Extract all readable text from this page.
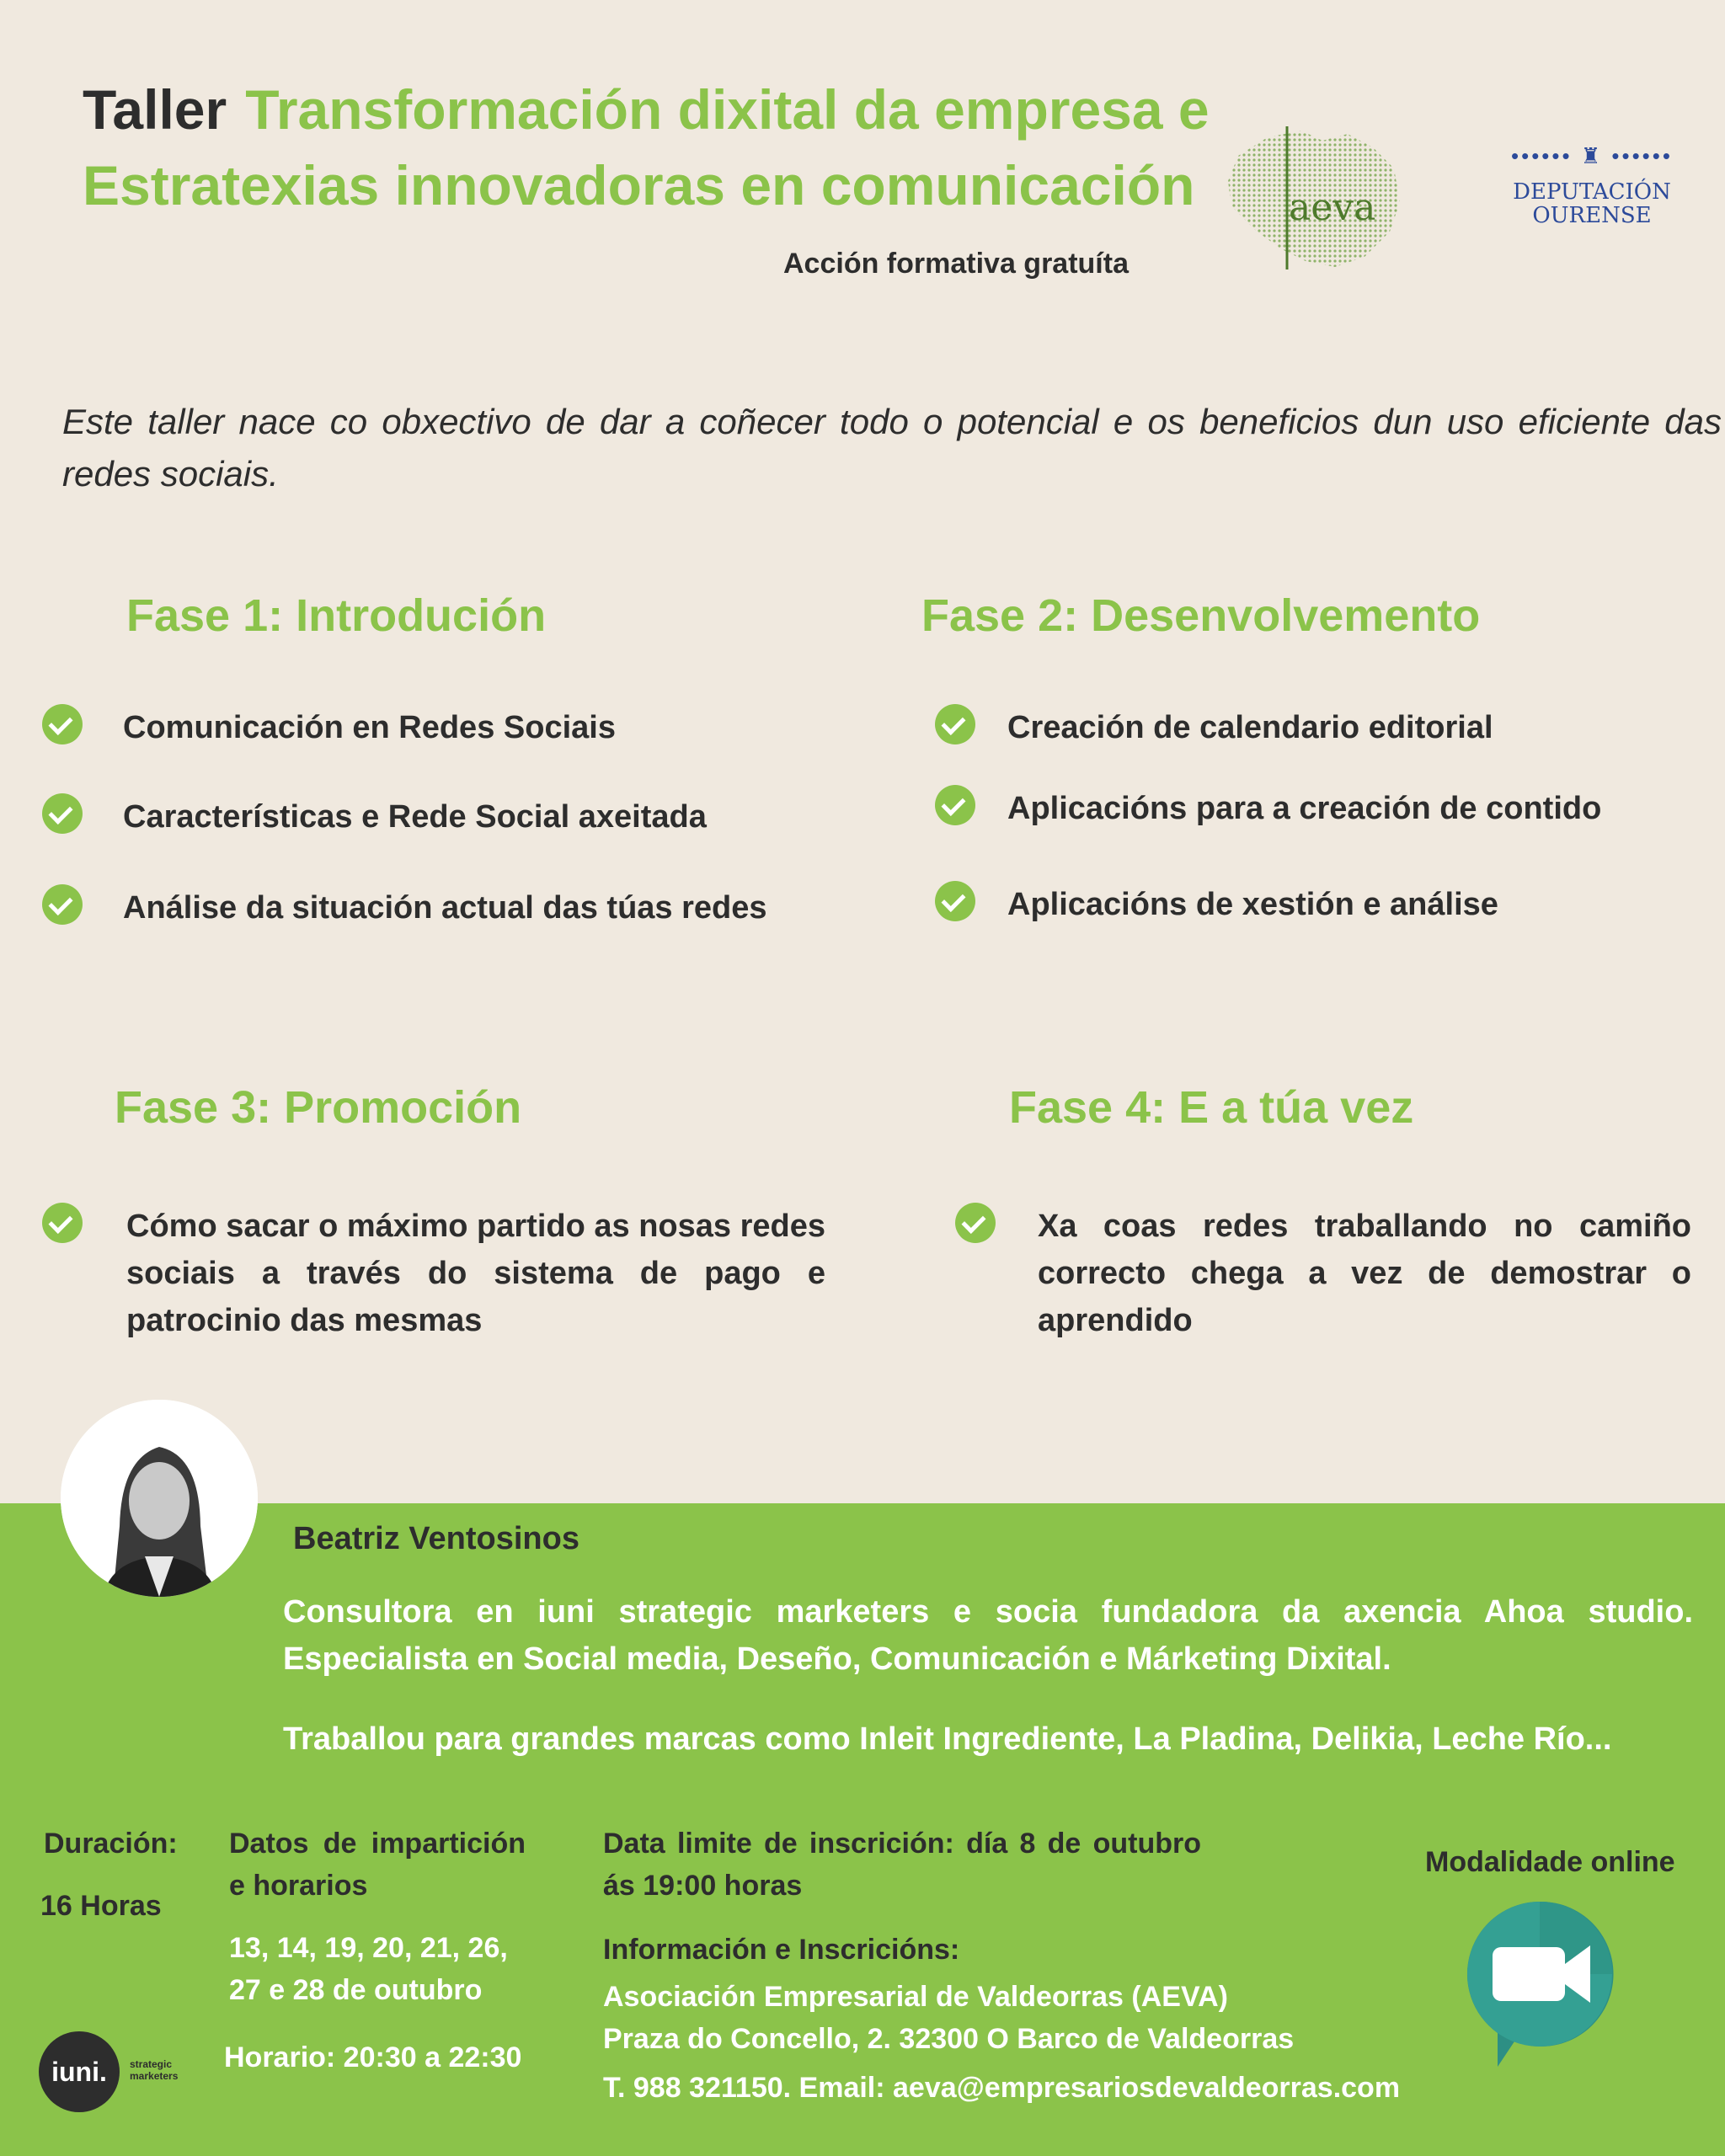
Taller Transformación dixital da empresa e
Estratexias innovadoras en comunicación
Acción formativa gratuíta
aeva
•••••• ♜ ••••••
DEPUTACIÓN
OURENSE
Este taller nace co obxectivo de dar a coñecer todo o potencial e os beneficios dun uso eficiente das redes sociais.
Fase 1: Introdución
Comunicación en Redes Sociais
Características e Rede Social axeitada
Análise da situación actual das túas redes
Fase 2: Desenvolvemento
Creación de calendario editorial
Aplicacións para a creación de contido
Aplicacións de xestión e análise
Fase 3: Promoción
Cómo sacar o máximo partido as nosas redes sociais a través do sistema de pago e patrocinio das mesmas
Fase 4: E a túa vez
Xa coas redes traballando no camiño correcto chega a vez de demostrar o aprendido
Beatriz Ventosinos
Consultora en iuni strategic marketers e socia fundadora da axencia Ahoa studio. Especialista en Social media, Deseño, Comunicación e Márketing Dixital.
Traballou para grandes marcas como Inleit Ingrediente, La Pladina, Delikia, Leche Río...
Duración:
16 Horas
Datos de impartición
e horarios
13, 14, 19, 20, 21, 26,
27 e 28 de outubro
Horario: 20:30 a 22:30
Data limite de inscrición: día 8 de outubro
ás 19:00 horas
Información e Inscricións:
Asociación Empresarial de Valdeorras (AEVA)
Praza do Concello, 2. 32300 O Barco de Valdeorras
T. 988 321150. Email: aeva@empresariosdevaldeorras.com
Modalidade online
iuni.	strategic
marketers
